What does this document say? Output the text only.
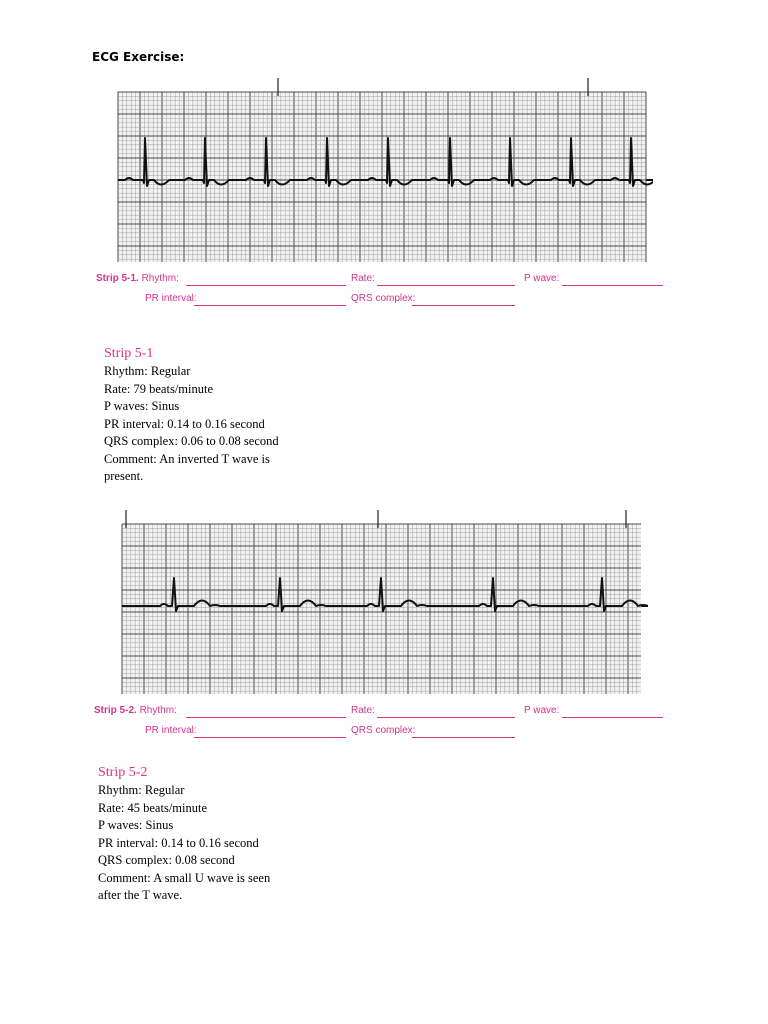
ECG Exercise:
Strip 5-1. Rhythm:	Rate:	P wave:
PR interval:	QRS complex:
Strip 5-1
Rhythm: Regular
Rate: 79 beats/minute
P waves: Sinus
PR interval: 0.14 to 0.16 second
QRS complex: 0.06 to 0.08 second
Comment: An inverted T wave is
present.
Strip 5-2. Rhythm:	Rate:	P wave:
PR interval:	QRS complex:
Strip 5-2
Rhythm: Regular
Rate: 45 beats/minute
P waves: Sinus
PR interval: 0.14 to 0.16 second
QRS complex: 0.08 second
Comment: A small U wave is seen
after the T wave.
